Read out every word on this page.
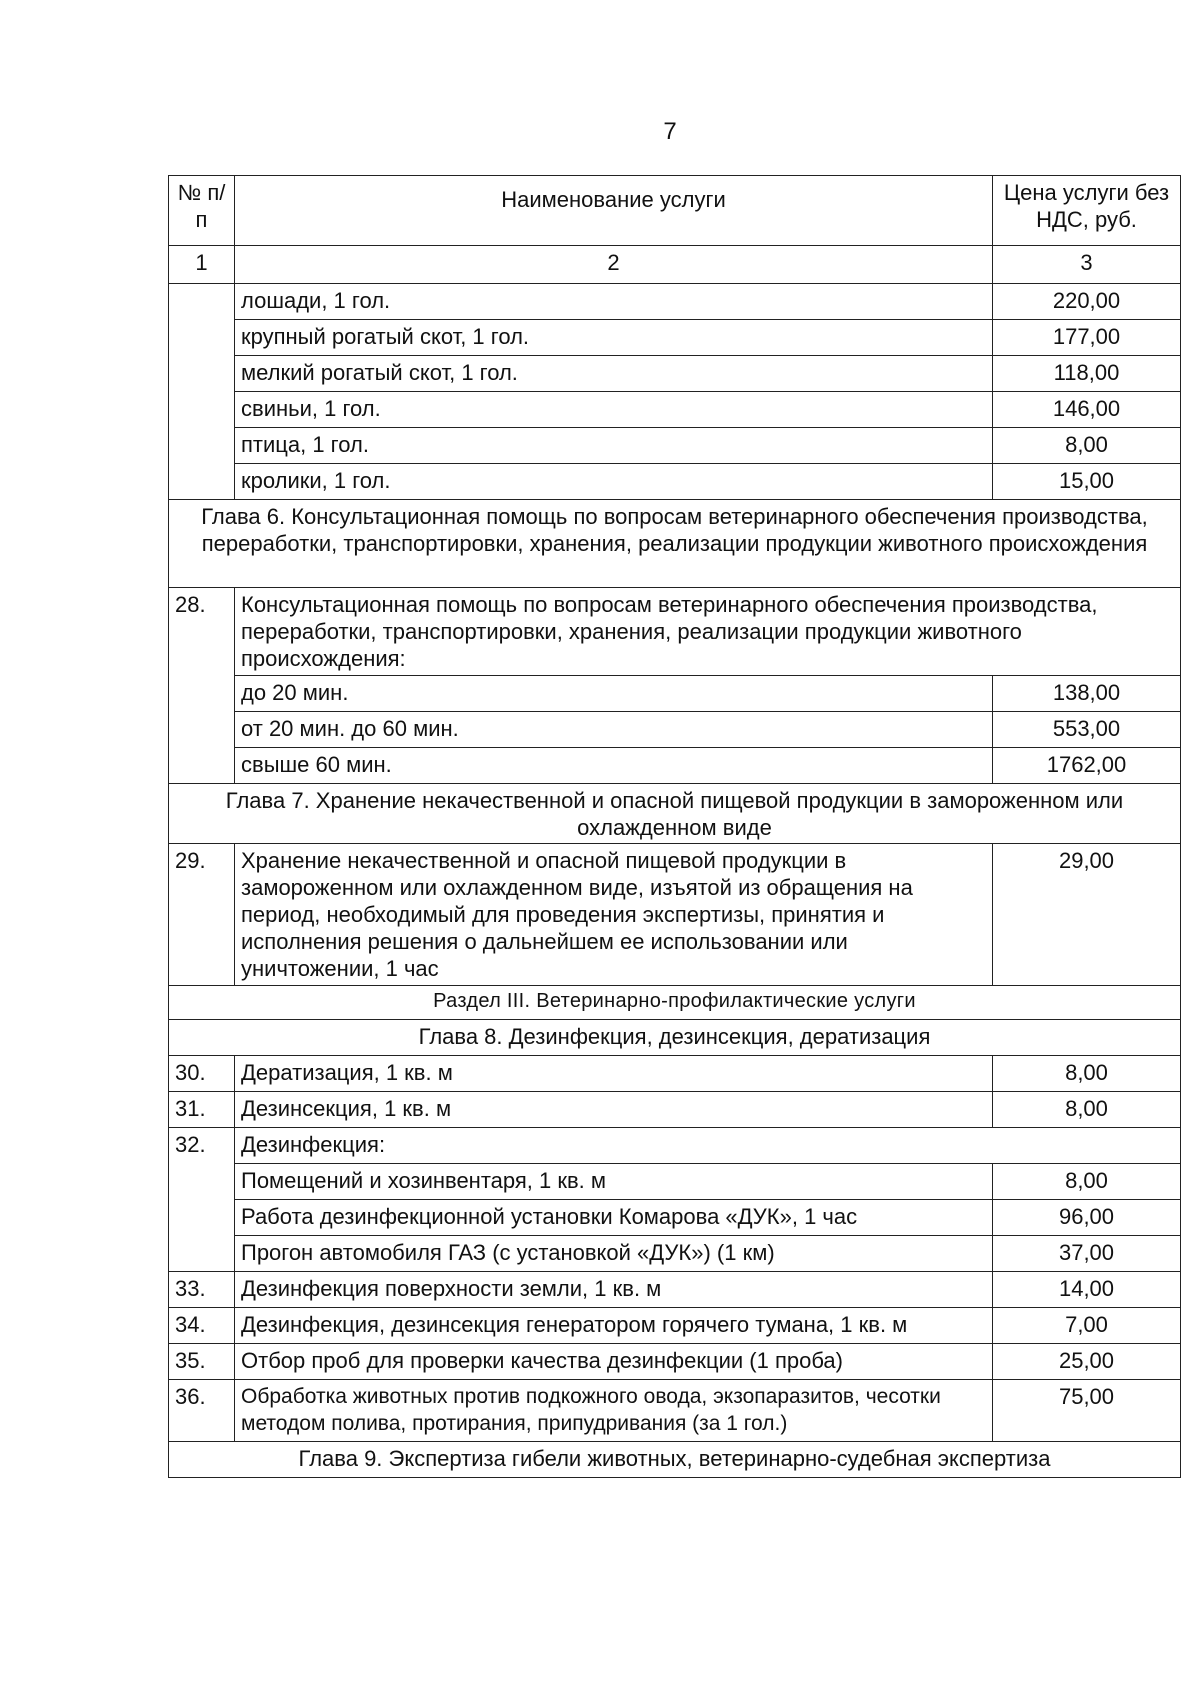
7
№ п/п	Наименование услуги	Цена услуги без НДС, руб.
1	2	3
	лошади, 1 гол.	220,00
	крупный рогатый скот, 1 гол.	177,00
	мелкий рогатый скот, 1 гол.	118,00
	свиньи, 1 гол.	146,00
	птица, 1 гол.	8,00
	кролики, 1 гол.	15,00
Глава 6. Консультационная помощь по вопросам ветеринарного обеспечения производства, переработки, транспортировки, хранения, реализации продукции животного происхождения		
28.	Консультационная помощь по вопросам ветеринарного обеспечения производства, переработки, транспортировки, хранения, реализации продукции животного происхождения:	
	до 20 мин.	138,00
	от 20 мин. до 60 мин.	553,00
	свыше 60 мин.	1762,00
Глава 7. Хранение некачественной и опасной пищевой продукции в замороженном или охлажденном виде		
29.	Хранение некачественной и опасной пищевой продукции в замороженном или охлажденном виде, изъятой из обращения на период, необходимый для проведения экспертизы, принятия и исполнения решения о дальнейшем ее использовании или уничтожении, 1 час	29,00
Раздел III. Ветеринарно-профилактические услуги		
Глава 8. Дезинфекция, дезинсекция, дератизация		
30.	Дератизация, 1 кв. м	8,00
31.	Дезинсекция, 1 кв. м	8,00
32.	Дезинфекция:	
	Помещений и хозинвентаря, 1 кв. м	8,00
	Работа дезинфекционной установки Комарова «ДУК», 1 час	96,00
	Прогон автомобиля ГАЗ (с установкой «ДУК») (1 км)	37,00
33.	Дезинфекция поверхности земли, 1 кв. м	14,00
34.	Дезинфекция, дезинсекция генератором горячего тумана, 1 кв. м	7,00
35.	Отбор проб для проверки качества дезинфекции (1 проба)	25,00
36.	Обработка животных против подкожного овода, экзопаразитов, чесотки методом полива, протирания, припудривания (за 1 гол.)	75,00
Глава 9. Экспертиза гибели животных, ветеринарно-судебная экспертиза		
